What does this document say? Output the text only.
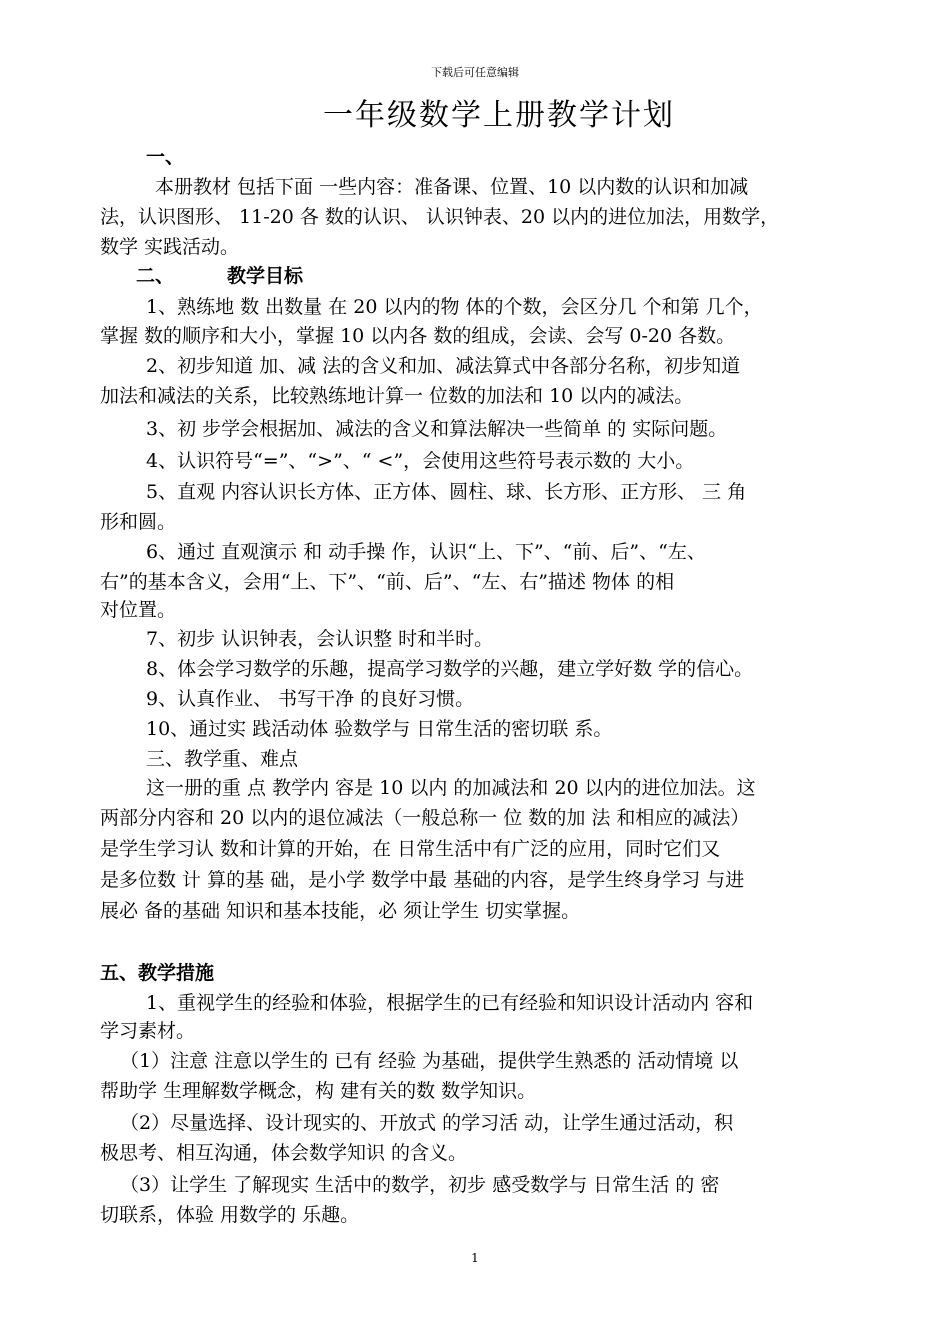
下载后可任意编辑
一年级数学上册教学计划
一、
本册教材 包括下面 一些内容：准备课、位置、10 以内数的认识和加减
法，认识图形、 11-20 各 数的认识、 认识钟表、20 以内的进位加法，用数学，
数学 实践活动。
二、	教学目标
1、熟练地 数 出数量 在 20 以内的物 体的个数，会区分几 个和第 几个，
掌握 数的顺序和大小，掌握 10 以内各 数的组成，会读、会写 0-20 各数。
2、初步知道 加、减 法的含义和加、减法算式中各部分名称，初步知道
加法和减法的关系，比较熟练地计算一 位数的加法和 10 以内的减法。
3、初 步学会根据加、减法的含义和算法解决一些简单 的 实际问题。
4、认识符号“=”、“>”、“ <”，会使用这些符号表示数的 大小。
5、直观 内容认识长方体、正方体、圆柱、球、长方形、正方形、 三 角
形和圆。
6、通过 直观演示 和 动手操 作，认识“上、下”、“前、后”、“左、
右”的基本含义，会用“上、下”、“前、后”、“左、右”描述 物体 的相
对位置。
7、初步 认识钟表，会认识整 时和半时。
8、体会学习数学的乐趣，提高学习数学的兴趣，建立学好数 学的信心。
9、认真作业、 书写干净 的良好习惯。
10、通过实 践活动体 验数学与 日常生活的密切联 系。
三、教学重、难点
这一册的重 点 教学内 容是 10 以内 的加减法和 20 以内的进位加法。这
两部分内容和 20 以内的退位减法（一般总称一 位 数的加 法 和相应的减法）
是学生学习认 数和计算的开始，在 日常生活中有广泛的应用，同时它们又
是多位数 计 算的基 础，是小学 数学中最 基础的内容，是学生终身学习 与进
展必 备的基础 知识和基本技能，必 须让学生 切实掌握。
五、教学措施
1、重视学生的经验和体验，根据学生的已有经验和知识设计活动内 容和
学习素材。
（1）注意 注意以学生的 已有 经验 为基础，提供学生熟悉的 活动情境 以
帮助学 生理解数学概念，构 建有关的数 数学知识。
（2）尽量选择、设计现实的、开放式 的学习活 动，让学生通过活动，积
极思考、相互沟通，体会数学知识 的含义。
（3）让学生 了解现实 生活中的数学，初步 感受数学与 日常生活 的 密
切联系，体验 用数学的 乐趣。
1
